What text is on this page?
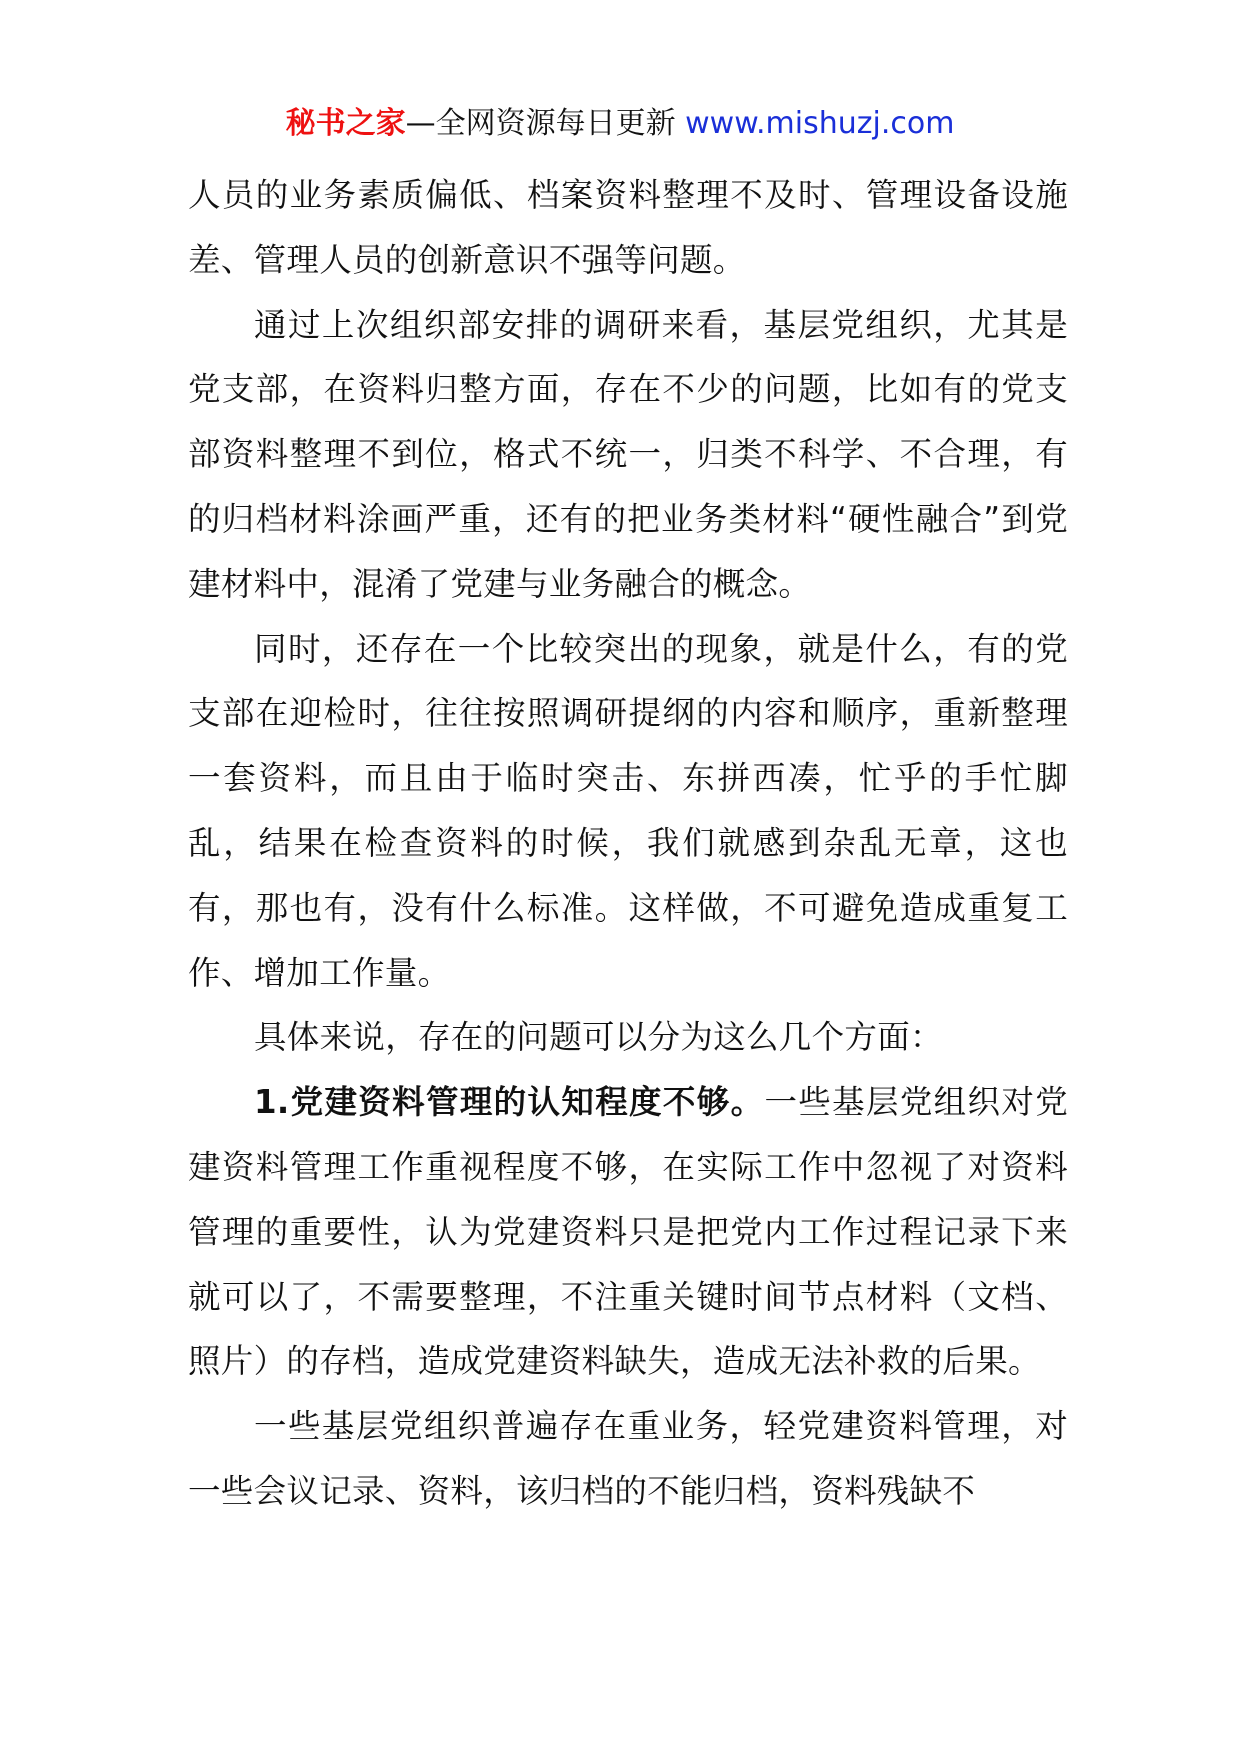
秘书之家—全网资源每日更新 www.mishuzj.com

人员的业务素质偏低、档案资料整理不及时、管理设备设施差、管理人员的创新意识不强等问题。

通过上次组织部安排的调研来看，基层党组织，尤其是党支部，在资料归整方面，存在不少的问题，比如有的党支部资料整理不到位，格式不统一，归类不科学、不合理，有的归档材料涂画严重，还有的把业务类材料“硬性融合”到党建材料中，混淆了党建与业务融合的概念。

同时，还存在一个比较突出的现象，就是什么，有的党支部在迎检时，往往按照调研提纲的内容和顺序，重新整理一套资料，而且由于临时突击、东拼西凑，忙乎的手忙脚乱，结果在检查资料的时候，我们就感到杂乱无章，这也有，那也有，没有什么标准。这样做，不可避免造成重复工作、增加工作量。

具体来说，存在的问题可以分为这么几个方面：

1.党建资料管理的认知程度不够。一些基层党组织对党建资料管理工作重视程度不够，在实际工作中忽视了对资料管理的重要性，认为党建资料只是把党内工作过程记录下来就可以了，不需要整理，不注重关键时间节点材料（文档、照片）的存档，造成党建资料缺失，造成无法补救的后果。

一些基层党组织普遍存在重业务，轻党建资料管理，对一些会议记录、资料，该归档的不能归档，资料残缺不
